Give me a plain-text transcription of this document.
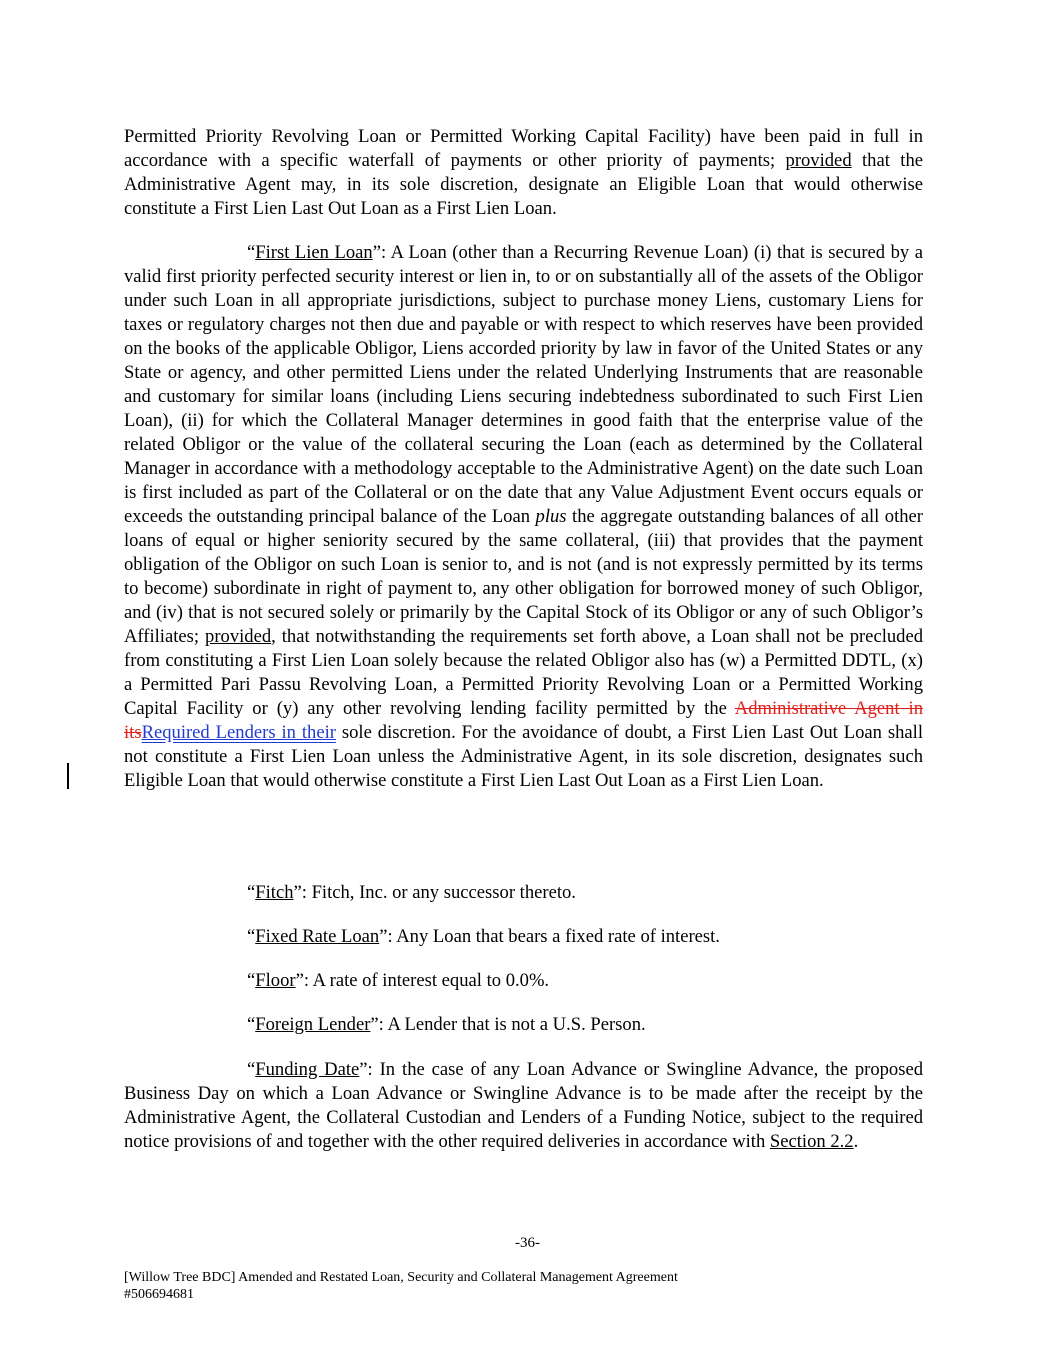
Permitted Priority Revolving Loan or Permitted Working Capital Facility) have been paid in full in accordance with a specific waterfall of payments or other priority of payments; provided that the Administrative Agent may, in its sole discretion, designate an Eligible Loan that would otherwise constitute a First Lien Last Out Loan as a First Lien Loan.

“First Lien Loan”: A Loan (other than a Recurring Revenue Loan) (i) that is secured by a valid first priority perfected security interest or lien in, to or on substantially all of the assets of the Obligor under such Loan in all appropriate jurisdictions, subject to purchase money Liens, customary Liens for taxes or regulatory charges not then due and payable or with respect to which reserves have been provided on the books of the applicable Obligor, Liens accorded priority by law in favor of the United States or any State or agency, and other permitted Liens under the related Underlying Instruments that are reasonable and customary for similar loans (including Liens securing indebtedness subordinated to such First Lien Loan), (ii) for which the Collateral Manager determines in good faith that the enterprise value of the related Obligor or the value of the collateral securing the Loan (each as determined by the Collateral Manager in accordance with a methodology acceptable to the Administrative Agent) on the date such Loan is first included as part of the Collateral or on the date that any Value Adjustment Event occurs equals or exceeds the outstanding principal balance of the Loan plus the aggregate outstanding balances of all other loans of equal or higher seniority secured by the same collateral, (iii) that provides that the payment obligation of the Obligor on such Loan is senior to, and is not (and is not expressly permitted by its terms to become) subordinate in right of payment to, any other obligation for borrowed money of such Obligor, and (iv) that is not secured solely or primarily by the Capital Stock of its Obligor or any of such Obligor’s Affiliates; provided, that notwithstanding the requirements set forth above, a Loan shall not be precluded from constituting a First Lien Loan solely because the related Obligor also has (w) a Permitted DDTL, (x) a Permitted Pari Passu Revolving Loan, a Permitted Priority Revolving Loan or a Permitted Working Capital Facility or (y) any other revolving lending facility permitted by the Administrative Agent in itsRequired Lenders in their sole discretion. For the avoidance of doubt, a First Lien Last Out Loan shall not constitute a First Lien Loan unless the Administrative Agent, in its sole discretion, designates such Eligible Loan that would otherwise constitute a First Lien Last Out Loan as a First Lien Loan.

“Fitch”: Fitch, Inc. or any successor thereto.

“Fixed Rate Loan”: Any Loan that bears a fixed rate of interest.

“Floor”: A rate of interest equal to 0.0%.

“Foreign Lender”: A Lender that is not a U.S. Person.

“Funding Date”: In the case of any Loan Advance or Swingline Advance, the proposed Business Day on which a Loan Advance or Swingline Advance is to be made after the receipt by the Administrative Agent, the Collateral Custodian and Lenders of a Funding Notice, subject to the required notice provisions of and together with the other required deliveries in accordance with Section 2.2.

-36-
[Willow Tree BDC] Amended and Restated Loan, Security and Collateral Management Agreement
#506694681
